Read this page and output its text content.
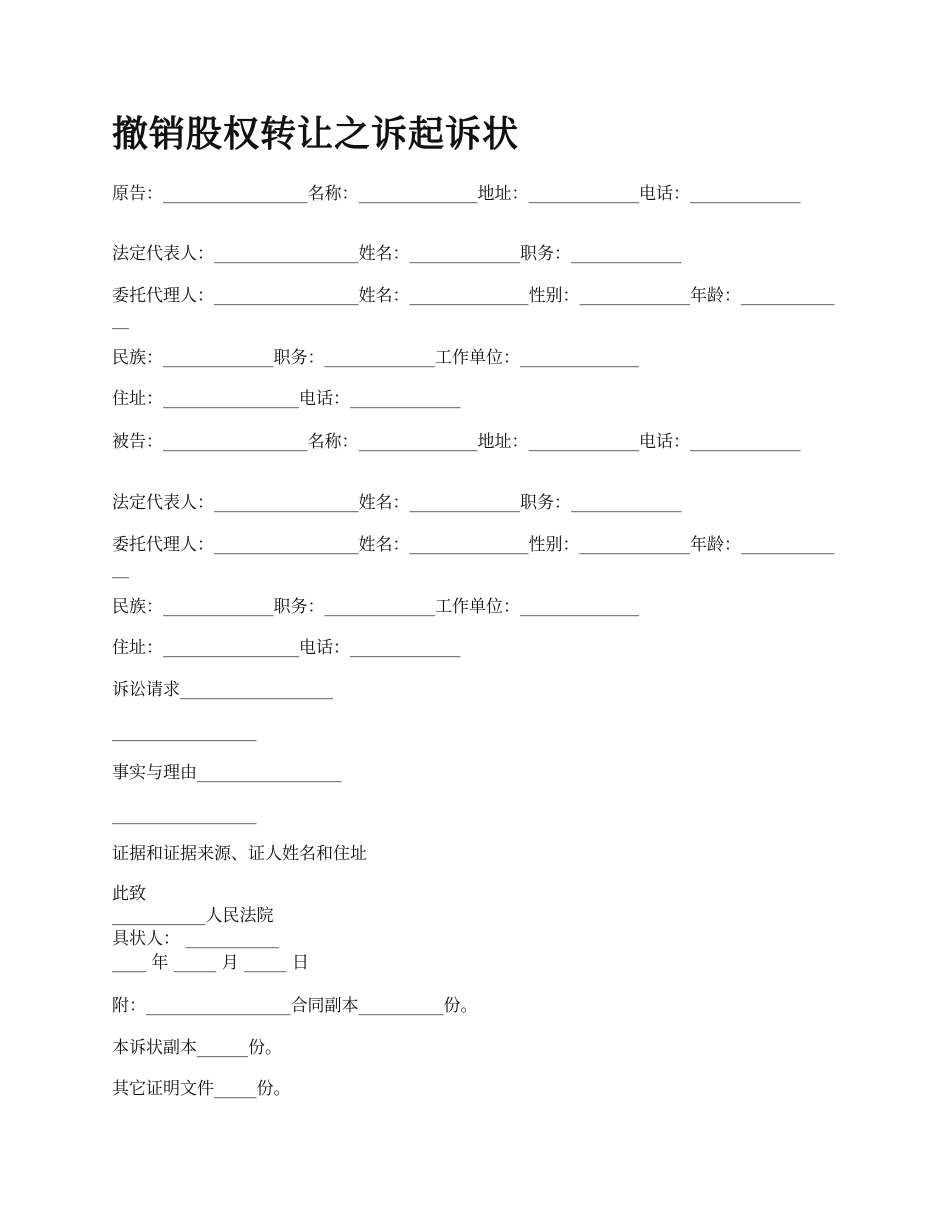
撤销股权转让之诉起诉状

原告：_________________名称：______________地址：_____________电话：_____________

法定代表人：_________________姓名：_____________职务：_____________

委托代理人：_________________姓名：______________性别：_____________年龄：_____________

民族：_____________职务：_____________工作单位：______________

住址：________________电话：_____________

被告：_________________名称：______________地址：_____________电话：_____________

法定代表人：_________________姓名：_____________职务：_____________

委托代理人：_________________姓名：______________性别：_____________年龄：_____________

民族：_____________职务：_____________工作单位：______________

住址：________________电话：_____________

诉讼请求__________________

_________________

事实与理由_________________

_________________

证据和证据来源、证人姓名和住址

此致

___________人民法院

具状人： ___________

____ 年 _____ 月 _____ 日

附：_________________合同副本__________份。

本诉状副本______份。

其它证明文件_____份。
